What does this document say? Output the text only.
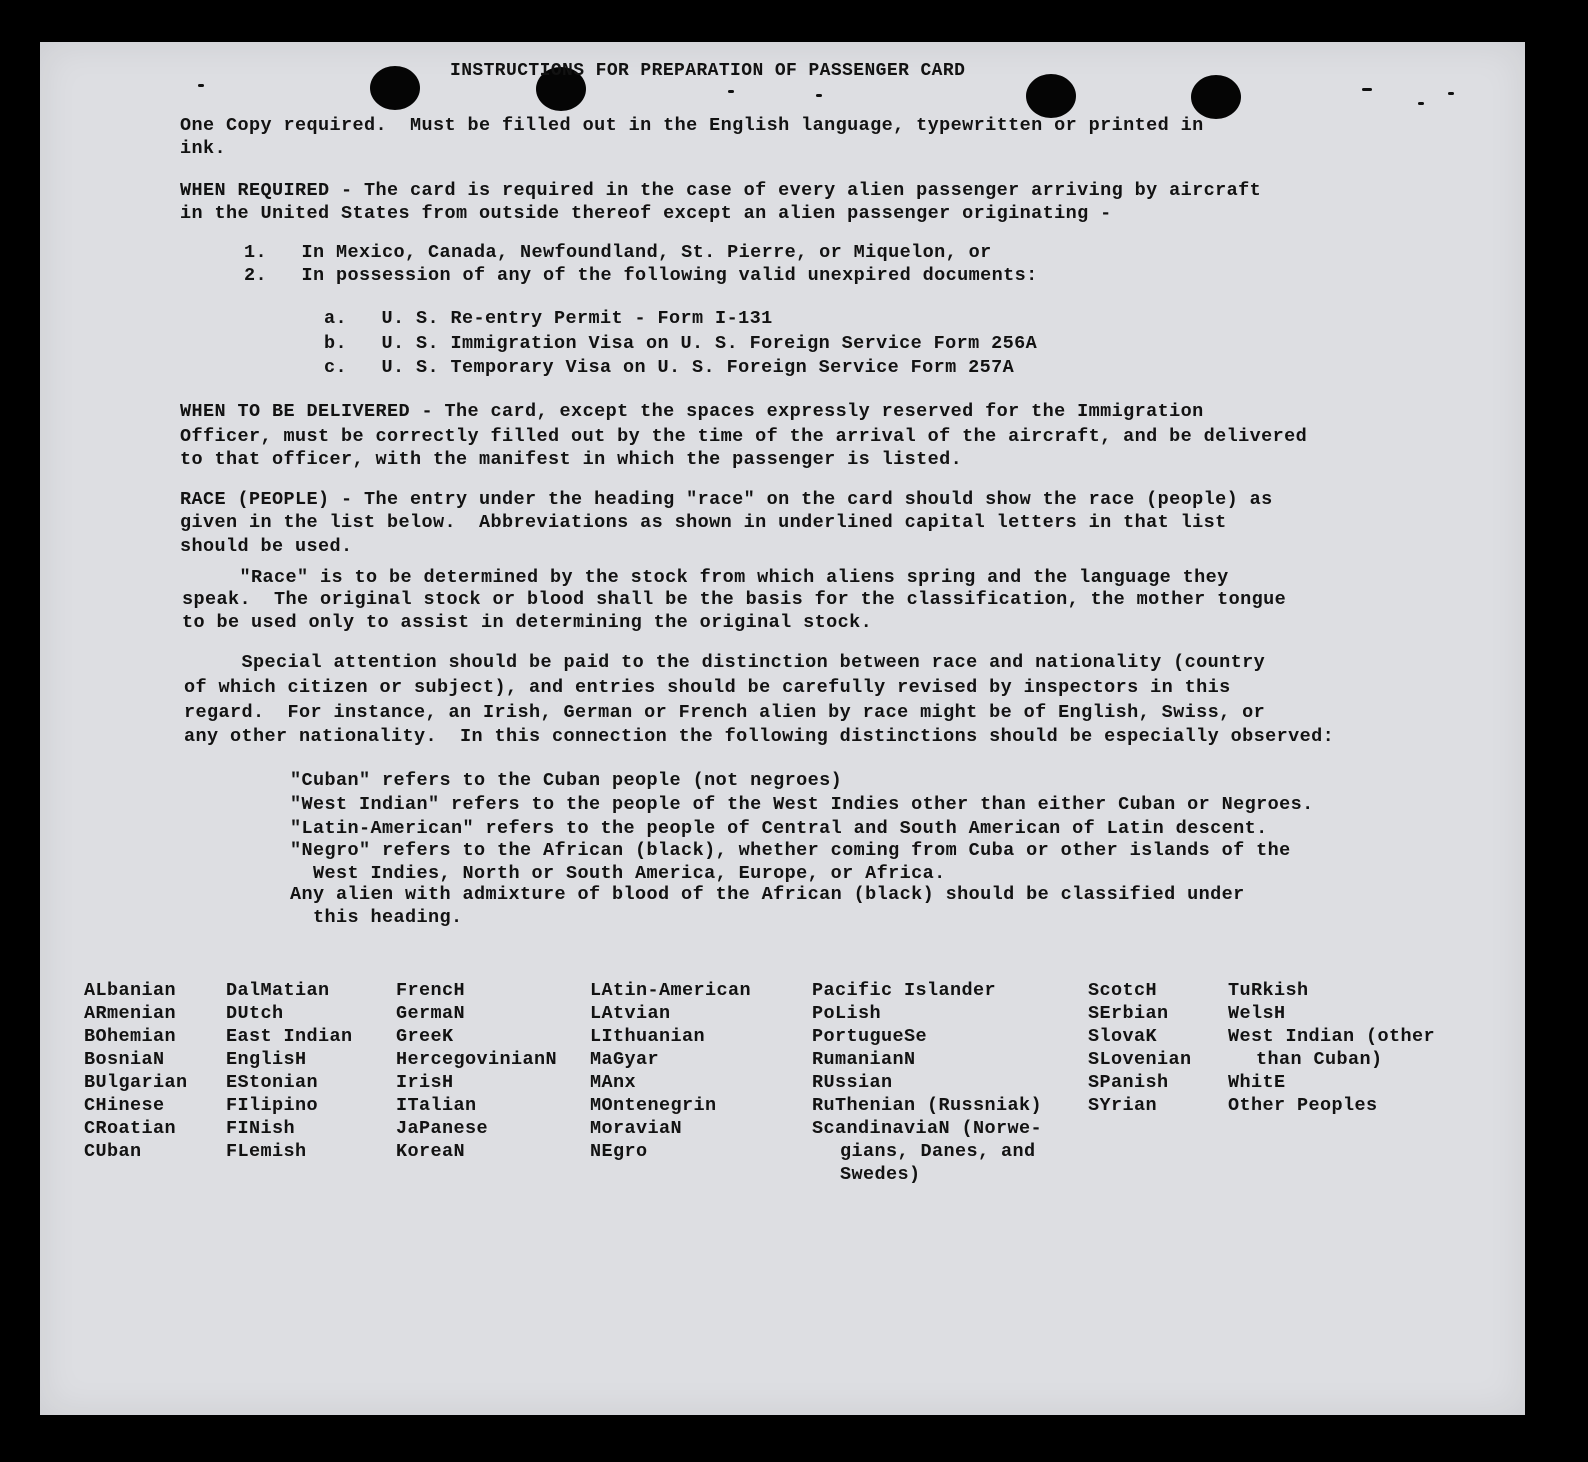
INSTRUCTIONS FOR PREPARATION OF PASSENGER CARD
One Copy required.  Must be filled out in the English language, typewritten or printed in
ink.
WHEN REQUIRED - The card is required in the case of every alien passenger arriving by aircraft
in the United States from outside thereof except an alien passenger originating -
1.   In Mexico, Canada, Newfoundland, St. Pierre, or Miquelon, or
2.   In possession of any of the following valid unexpired documents:
a.   U. S. Re-entry Permit - Form I-131
b.   U. S. Immigration Visa on U. S. Foreign Service Form 256A
c.   U. S. Temporary Visa on U. S. Foreign Service Form 257A
WHEN TO BE DELIVERED - The card, except the spaces expressly reserved for the Immigration
Officer, must be correctly filled out by the time of the arrival of the aircraft, and be delivered
to that officer, with the manifest in which the passenger is listed.
RACE (PEOPLE) - The entry under the heading "race" on the card should show the race (people) as
given in the list below.  Abbreviations as shown in underlined capital letters in that list
should be used.
"Race" is to be determined by the stock from which aliens spring and the language they
speak.  The original stock or blood shall be the basis for the classification, the mother tongue
to be used only to assist in determining the original stock.
Special attention should be paid to the distinction between race and nationality (country
of which citizen or subject), and entries should be carefully revised by inspectors in this
regard.  For instance, an Irish, German or French alien by race might be of English, Swiss, or
any other nationality.  In this connection the following distinctions should be especially observed:
"Cuban" refers to the Cuban people (not negroes)
"West Indian" refers to the people of the West Indies other than either Cuban or Negroes.
"Latin-American" refers to the people of Central and South American of Latin descent.
"Negro" refers to the African (black), whether coming from Cuba or other islands of the
West Indies, North or South America, Europe, or Africa.
Any alien with admixture of blood of the African (black) should be classified under
this heading.
ALbanian
ARmenian
BOhemian
BosniaN
BUlgarian
CHinese
CRoatian
CUban
DalMatian
DUtch
East Indian
EnglisH
EStonian
FIlipino
FINish
FLemish
FrencH
GermaN
GreeK
HercegovinianN
IrisH
ITalian
JaPanese
KoreaN
LAtin-American
LAtvian
LIthuanian
MaGyar
MAnx
MOntenegrin
MoraviaN
NEgro
Pacific Islander
PoLish
PortugueSe
RumanianN
RUssian
RuThenian (Russniak)
ScandinaviaN (Norwe-
gians, Danes, and
Swedes)
ScotcH
SErbian
SlovaK
SLovenian
SPanish
SYrian
TuRkish
WelsH
West Indian (other
than Cuban)
WhitE
Other Peoples
